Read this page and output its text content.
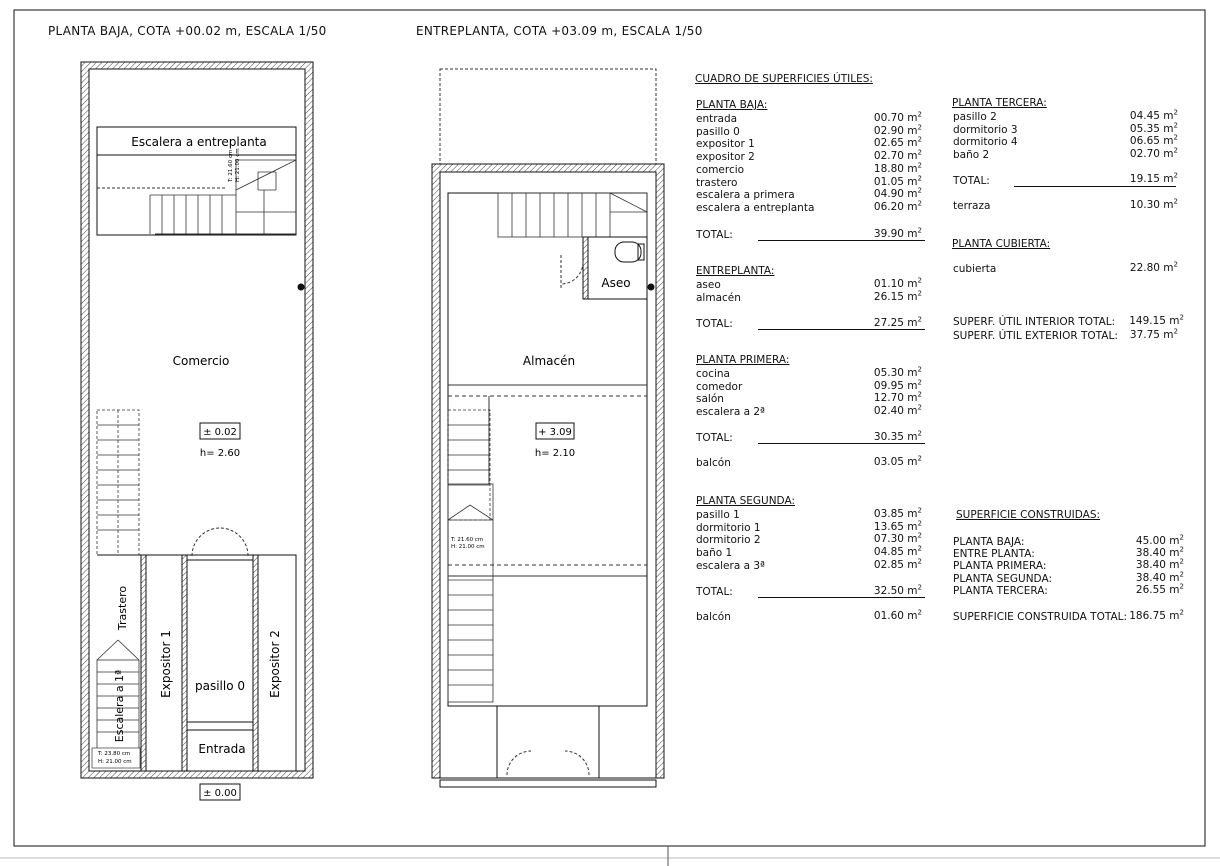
PLANTA BAJA, COTA +00.02 m, ESCALA 1/50	ENTREPLANTA, COTA +03.09 m, ESCALA 1/50
T: 23.80 cm
H: 21.00 cm
Escalera a entreplanta
T: 21.60 cm H: 21.00 cm
Comercio
± 0.02
h= 2.60
Trastero
Expositor 1	Expositor 2
pasillo 0
Entrada
Escalera a 1ª
± 0.00
T: 21.60 cm
H: 21.00 cm
Aseo
Almacén
+ 3.09
h= 2.10
CUADRO DE SUPERFICIES ÚTILES:
PLANTA BAJA:
entrada	00.70 $m^2$
pasillo 0	02.90 $m^2$
expositor 1	02.65 $m^2$
expositor 2	02.70 $m^2$
comercio	18.80 $m^2$
trastero	01.05 $m^2$
escalera a primera	04.90 $m^2$
escalera a entreplanta	06.20 $m^2$
TOTAL:	39.90 $m^2$
ENTREPLANTA:
aseo	01.10 $m^2$
almacén	26.15 $m^2$
TOTAL:	27.25 $m^2$
PLANTA PRIMERA:
cocina	05.30 $m^2$
comedor	09.95 $m^2$
salón	12.70 $m^2$
escalera a 2ª	02.40 $m^2$
TOTAL:	30.35 $m^2$
balcón	03.05 $m^2$
PLANTA SEGUNDA:
pasillo 1	03.85 $m^2$
dormitorio 1	13.65 $m^2$
dormitorio 2	07.30 $m^2$
baño 1	04.85 $m^2$
escalera a 3ª	02.85 $m^2$
TOTAL:	32.50 $m^2$
balcón	01.60 $m^2$
PLANTA TERCERA:
pasillo 2	04.45 $m^2$
dormitorio 3	05.35 $m^2$
dormitorio 4	06.65 $m^2$
baño 2	02.70 $m^2$
TOTAL:	19.15 $m^2$
terraza	10.30 $m^2$
PLANTA CUBIERTA:
cubierta	22.80 $m^2$
SUPERF. ÚTIL INTERIOR TOTAL: 149.15 $m^2$
SUPERF. ÚTIL EXTERIOR TOTAL: 37.75 $m^2$
SUPERFICIE CONSTRUIDAS:
PLANTA BAJA:	45.00 $m^2$
ENTRE PLANTA:	38.40 $m^2$
PLANTA PRIMERA:	38.40 $m^2$
PLANTA SEGUNDA:	38.40 $m^2$
PLANTA TERCERA:	26.55 $m^2$
SUPERFICIE CONSTRUIDA TOTAL: 186.75 $m^2$
